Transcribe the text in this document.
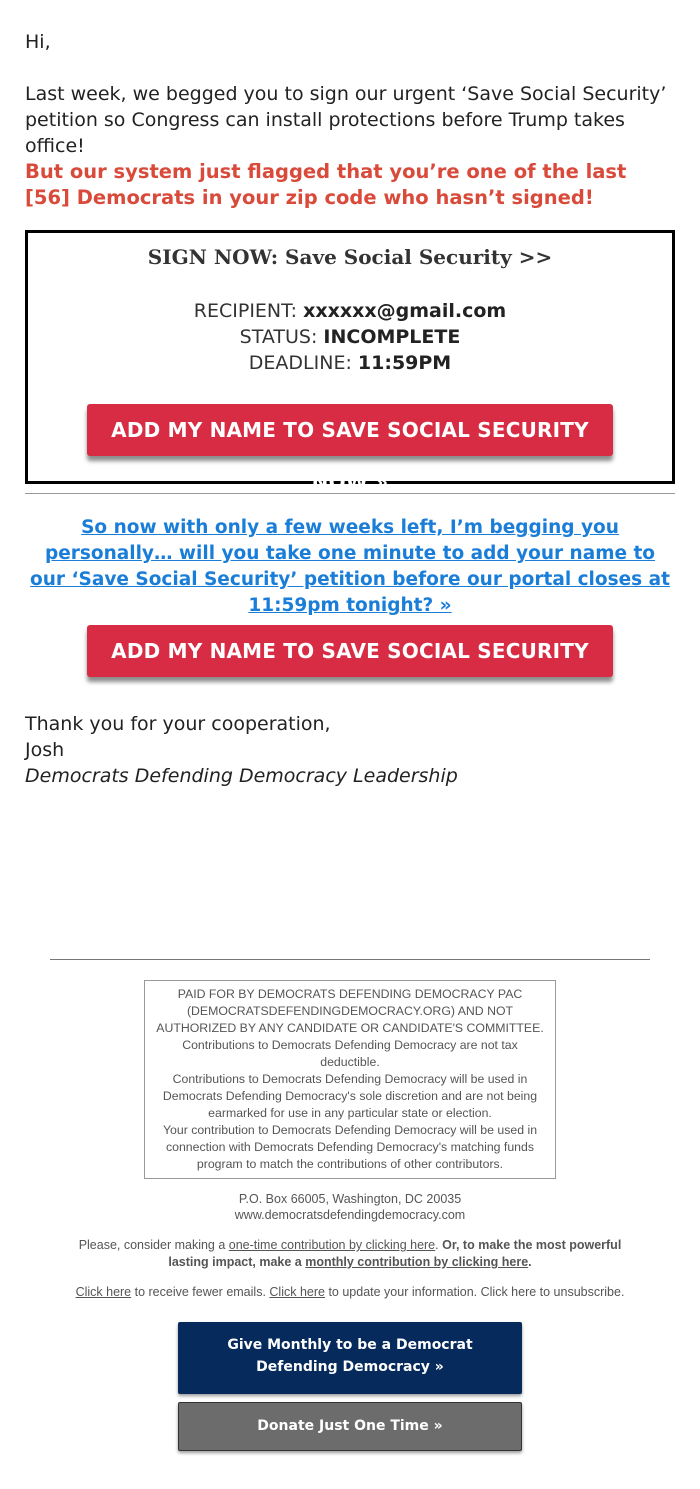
Hi,
Last week, we begged you to sign our urgent ‘Save Social Security’ petition so Congress can install protections before Trump takes office!
But our system just flagged that you’re one of the last [56] Democrats in your zip code who hasn’t signed!
SIGN NOW: Save Social Security >>
RECIPIENT: xxxxxx@gmail.com
STATUS: INCOMPLETE
DEADLINE: 11:59PM
ADD MY NAME TO SAVE SOCIAL SECURITY NOW »
So now with only a few weeks left, I’m begging you personally… will you take one minute to add your name to our ‘Save Social Security’ petition before our portal closes at 11:59pm tonight? »
ADD MY NAME TO SAVE SOCIAL SECURITY NOW »
Thank you for your cooperation,
Josh
Democrats Defending Democracy Leadership
PAID FOR BY DEMOCRATS DEFENDING DEMOCRACY PAC (DEMOCRATSDEFENDINGDEMOCRACY.ORG) AND NOT AUTHORIZED BY ANY CANDIDATE OR CANDIDATE'S COMMITTEE.
Contributions to Democrats Defending Democracy are not tax deductible.
Contributions to Democrats Defending Democracy will be used in Democrats Defending Democracy's sole discretion and are not being earmarked for use in any particular state or election.
Your contribution to Democrats Defending Democracy will be used in connection with Democrats Defending Democracy's matching funds program to match the contributions of other contributors.
P.O. Box 66005, Washington, DC 20035
www.democratsdefendingdemocracy.com
Please, consider making a one-time contribution by clicking here. Or, to make the most powerful lasting impact, make a monthly contribution by clicking here.
Click here to receive fewer emails. Click here to update your information. Click here to unsubscribe.
Give Monthly to be a Democrat Defending Democracy »
Donate Just One Time »
